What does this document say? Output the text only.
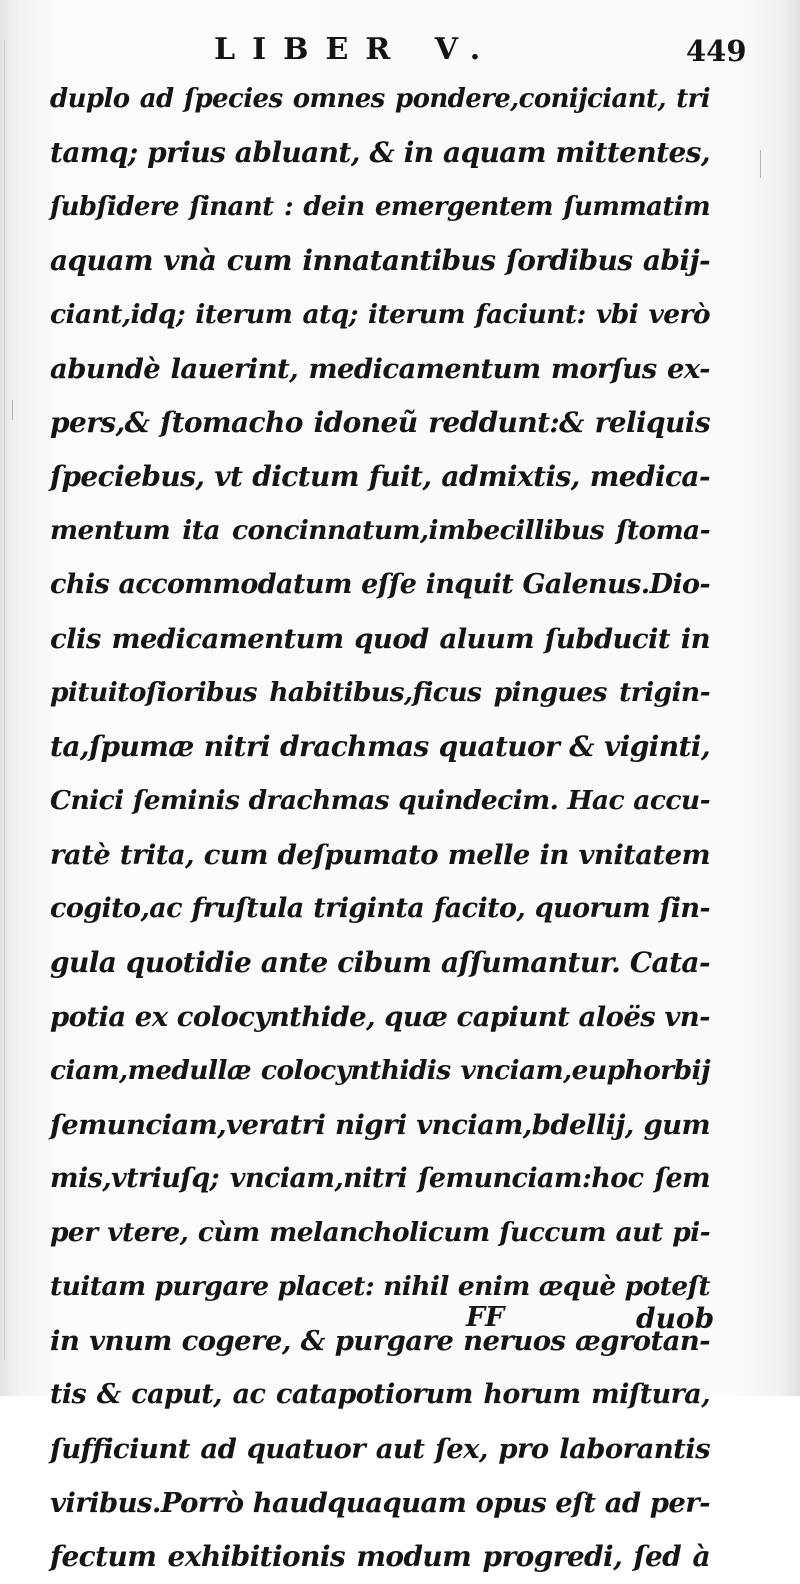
LIBER V.	449
duplo ad ſpecies omnes pondere,conijciant, tri
tamq; prius abluant, & in aquam mittentes,
ſubſidere ſinant : dein emergentem ſummatim
aquam vnà cum innatantibus ſordibus abij-
ciant,idq; iterum atq; iterum faciunt: vbi verò
abundè lauerint, medicamentum morſus ex-
pers,& ſtomacho idoneũ reddunt:& reliquis
ſpeciebus, vt dictum fuit, admixtis, medica-
mentum ita concinnatum,imbecillibus ſtoma-
chis accommodatum eſſe inquit Galenus.Dio-
clis medicamentum quod aluum ſubducit in
pituitoſioribus habitibus,ficus pingues trigin-
ta,ſpumæ nitri drachmas quatuor & viginti,
Cnici ſeminis drachmas quindecim. Hac accu-
ratè trita, cum deſpumato melle in vnitatem
cogito,ac fruſtula triginta facito, quorum ſin-
gula quotidie ante cibum aſſumantur. Cata-
potia ex colocynthide, quæ capiunt aloës vn-
ciam,medullæ colocynthidis vnciam,euphorbij
ſemunciam,veratri nigri vnciam,bdellij, gum
mis,vtriuſq; vnciam,nitri ſemunciam:hoc ſem
per vtere, cùm melancholicum ſuccum aut pi-
tuitam purgare placet: nihil enim æquè poteſt
in vnum cogere, & purgare neruos ægrotan-
tis & caput, ac catapotiorum horum miſtura,
ſufficiunt ad quatuor aut ſex, pro laborantis
viribus.Porrò haudquaquam opus eſt ad per-
fectum exhibitionis modum progredi, ſed à
FF	duob
